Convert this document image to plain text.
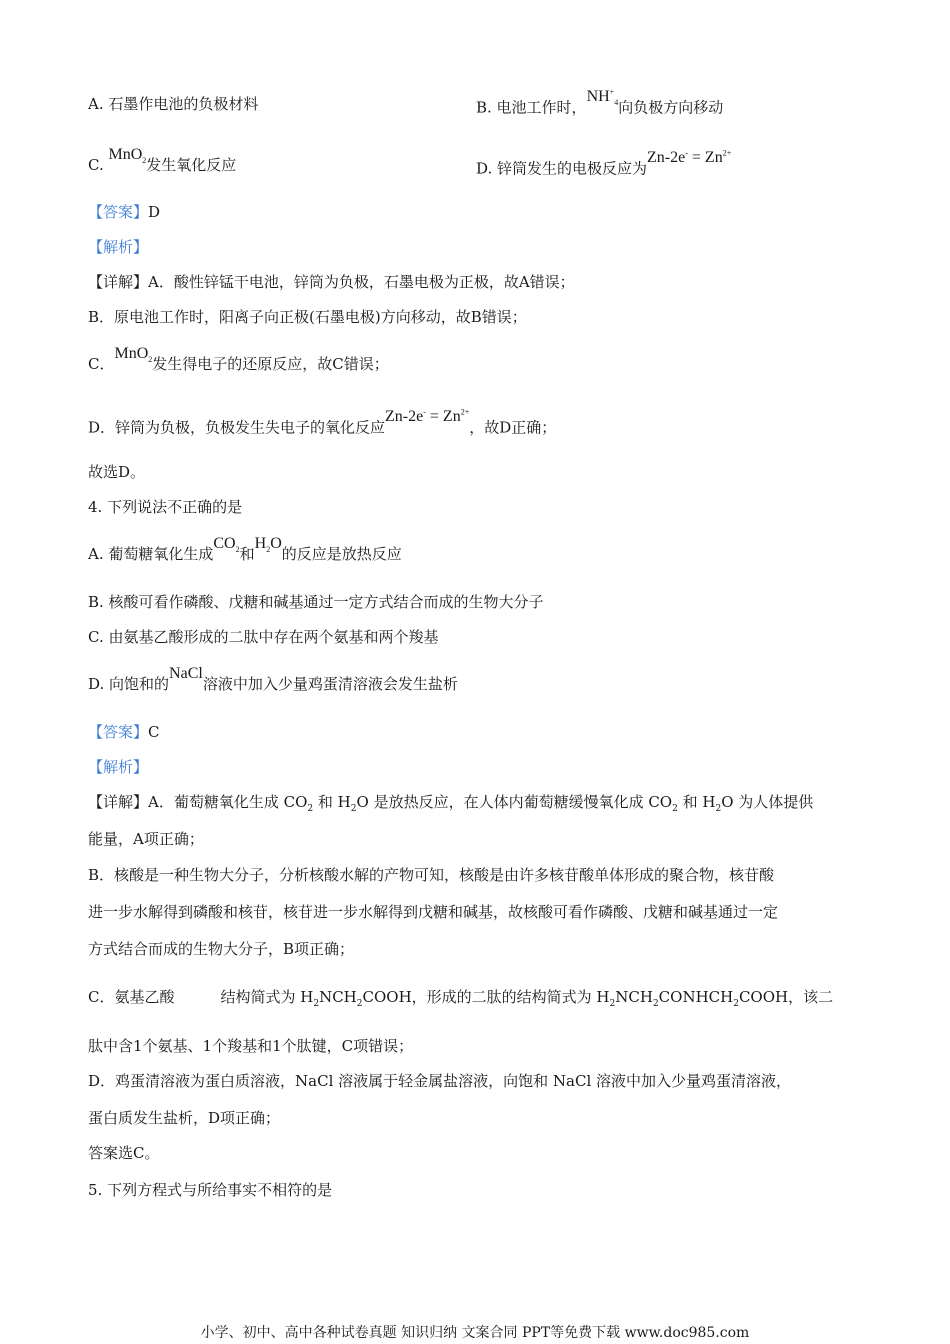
A. 石墨作电池的负极材料	B. 电池工作时，$NH^+_4$向负极方向移动
C. MnO$_2$发生氧化反应	D. 锌筒发生的电极反应为$Zn-2e^- = Zn^{2+}$
【答案】D
【解析】
【详解】A．酸性锌锰干电池，锌筒为负极，石墨电极为正极，故A错误；
B．原电池工作时，阳离子向正极(石墨电极)方向移动，故B错误；
C．MnO$_2$发生得电子的还原反应，故C错误；
D．锌筒为负极，负极发生失电子的氧化反应$Zn-2e^- = Zn^{2+}$，故D正确；
故选D。
4. 下列说法不正确的是
A. 葡萄糖氧化生成$CO_2$和$H_2O$的反应是放热反应
B. 核酸可看作磷酸、戊糖和碱基通过一定方式结合而成的生物大分子
C. 由氨基乙酸形成的二肽中存在两个氨基和两个羧基
D. 向饱和的NaCl溶液中加入少量鸡蛋清溶液会发生盐析
【答案】C
【解析】
【详解】A．葡萄糖氧化生成 $CO_2$ 和 $H_2O$ 是放热反应，在人体内葡萄糖缓慢氧化成 $CO_2$ 和 $H_2O$ 为人体提供
能量，A项正确；
B．核酸是一种生物大分子，分析核酸水解的产物可知，核酸是由许多核苷酸单体形成的聚合物，核苷酸
进一步水解得到磷酸和核苷，核苷进一步水解得到戊糖和碱基，故核酸可看作磷酸、戊糖和碱基通过一定
方式结合而成的生物大分子，B项正确；
C．氨基乙酸	结构简式为 $H_2NCH_2COOH$，形成的二肽的结构简式为 $H_2NCH_2CONHCH_2COOH$，该二
肽中含1个氨基、1个羧基和1个肽键，C项错误；
D．鸡蛋清溶液为蛋白质溶液，NaCl 溶液属于轻金属盐溶液，向饱和 NaCl 溶液中加入少量鸡蛋清溶液，
蛋白质发生盐析，D项正确；
答案选C。
5. 下列方程式与所给事实不相符的是
小学、初中、高中各种试卷真题 知识归纳 文案合同 PPT等免费下载 www.doc985.com
